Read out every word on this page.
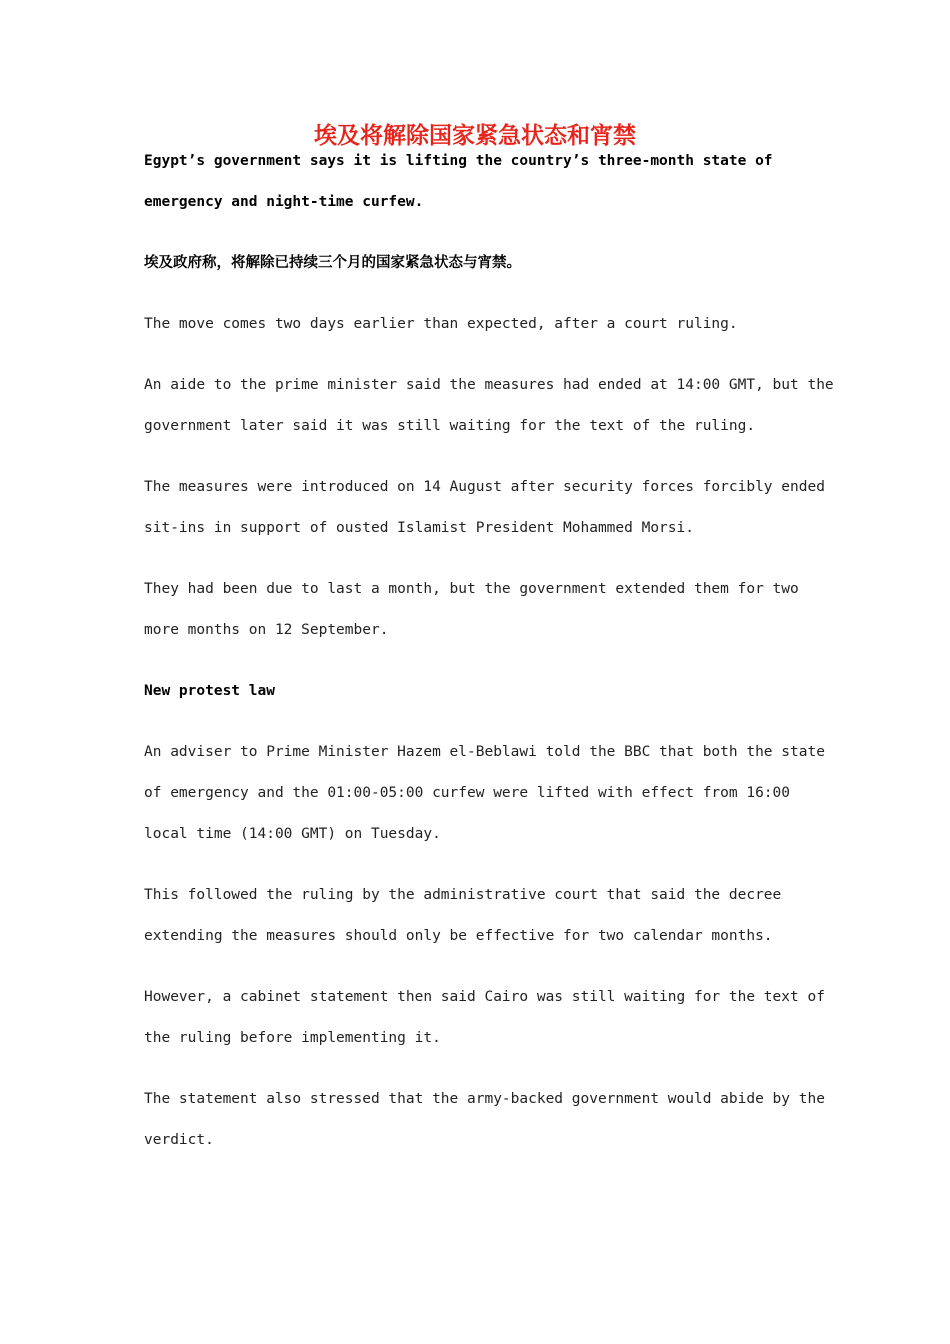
埃及将解除国家紧急状态和宵禁
Egypt’s government says it is lifting the country’s three-month state of
emergency and night-time curfew.
埃及政府称，将解除已持续三个月的国家紧急状态与宵禁。
The move comes two days earlier than expected, after a court ruling.
An aide to the prime minister said the measures had ended at 14:00 GMT, but the
government later said it was still waiting for the text of the ruling.
The measures were introduced on 14 August after security forces forcibly ended
sit-ins in support of ousted Islamist President Mohammed Morsi.
They had been due to last a month, but the government extended them for two
more months on 12 September.
New protest law
An adviser to Prime Minister Hazem el-Beblawi told the BBC that both the state
of emergency and the 01:00-05:00 curfew were lifted with effect from 16:00
local time (14:00 GMT) on Tuesday.
This followed the ruling by the administrative court that said the decree
extending the measures should only be effective for two calendar months.
However, a cabinet statement then said Cairo was still waiting for the text of
the ruling before implementing it.
The statement also stressed that the army-backed government would abide by the
verdict.
